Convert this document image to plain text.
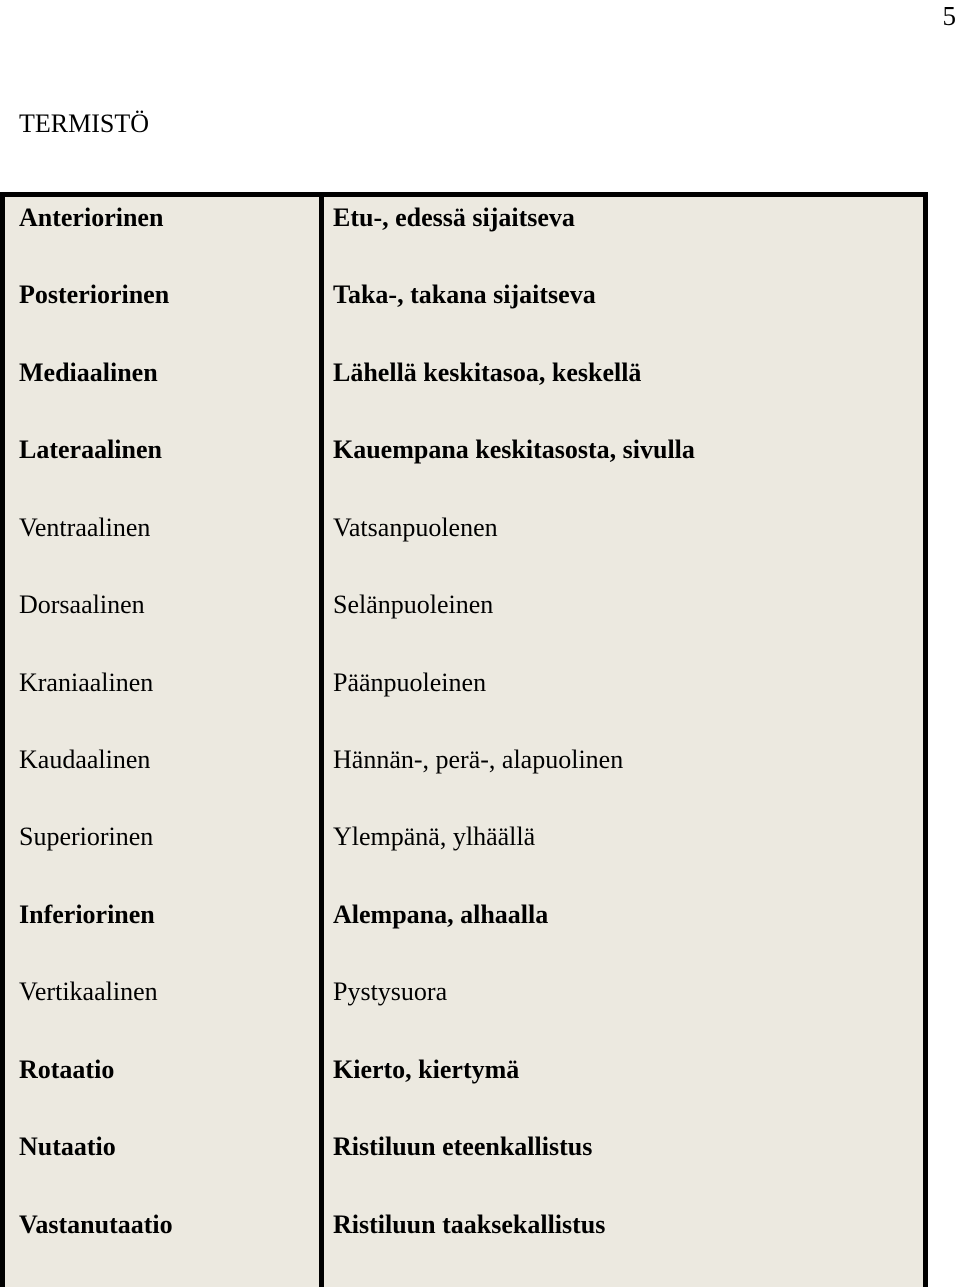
5
TERMISTÖ
Anteriorinen	Etu-, edessä sijaitseva
Posteriorinen	Taka-, takana sijaitseva
Mediaalinen	Lähellä keskitasoa, keskellä
Lateraalinen	Kauempana keskitasosta, sivulla
Ventraalinen	Vatsanpuolenen
Dorsaalinen	Selänpuoleinen
Kraniaalinen	Päänpuoleinen
Kaudaalinen	Hännän-, perä-, alapuolinen
Superiorinen	Ylempänä, ylhäällä
Inferiorinen	Alempana, alhaalla
Vertikaalinen	Pystysuora
Rotaatio	Kierto, kiertymä
Nutaatio	Ristiluun eteenkallistus
Vastanutaatio	Ristiluun taaksekallistus
